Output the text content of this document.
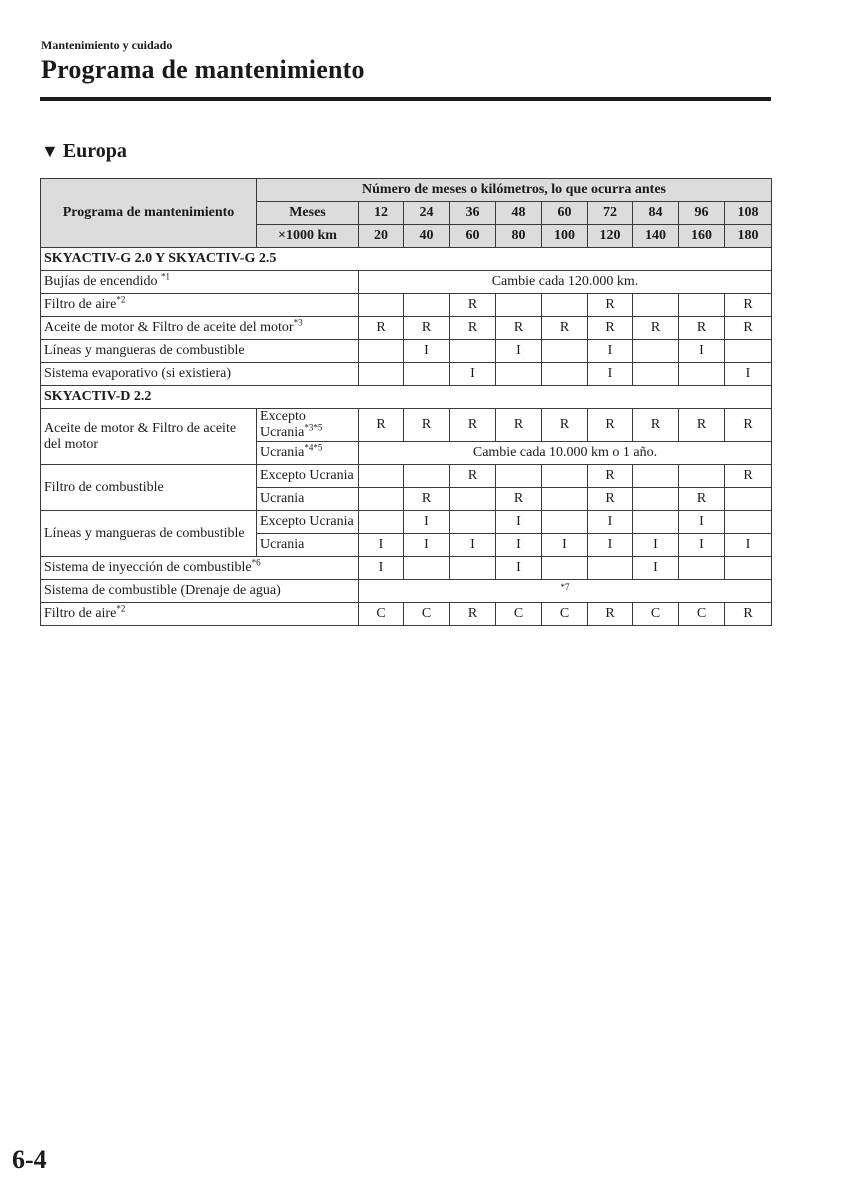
Mantenimiento y cuidado
Programa de mantenimiento
▼ Europa
Programa de mantenimiento	Número de meses o kilómetros, lo que ocurra antes									
	Meses	12	24	36	48	60	72	84	96	108
	×1000 km	20	40	60	80	100	120	140	160	180
SKYACTIV-G 2.0 Y SKYACTIV-G 2.5										
Bujías de encendido $^{*1}$		Cambie cada 120.000 km.								
Filtro de aire$^{*2}$				R			R			R
Aceite de motor & Filtro de aceite del motor$^{*3}$		R	R	R	R	R	R	R	R	R
Líneas y mangueras de combustible			I		I		I		I	
Sistema evaporativo (si existiera)				I			I			I
SKYACTIV-D 2.2										
Aceite de motor & Filtro de aceite del motor	Excepto Ucrania$^{*3*5}$	R	R	R	R	R	R	R	R	R
	Ucrania$^{*4*5}$	Cambie cada 10.000 km o 1 año.								
Filtro de combustible	Excepto Ucrania			R			R			R
	Ucrania		R		R		R		R	
Líneas y mangueras de combustible	Excepto Ucrania		I		I		I		I	
	Ucrania	I	I	I	I	I	I	I	I	I
Sistema de inyección de combustible$^{*6}$		I			I			I		
Sistema de combustible (Drenaje de agua)		*7								

Filtro de aire$^{*2}$		C	C	R	C	C	R	C	C	R
6-4
